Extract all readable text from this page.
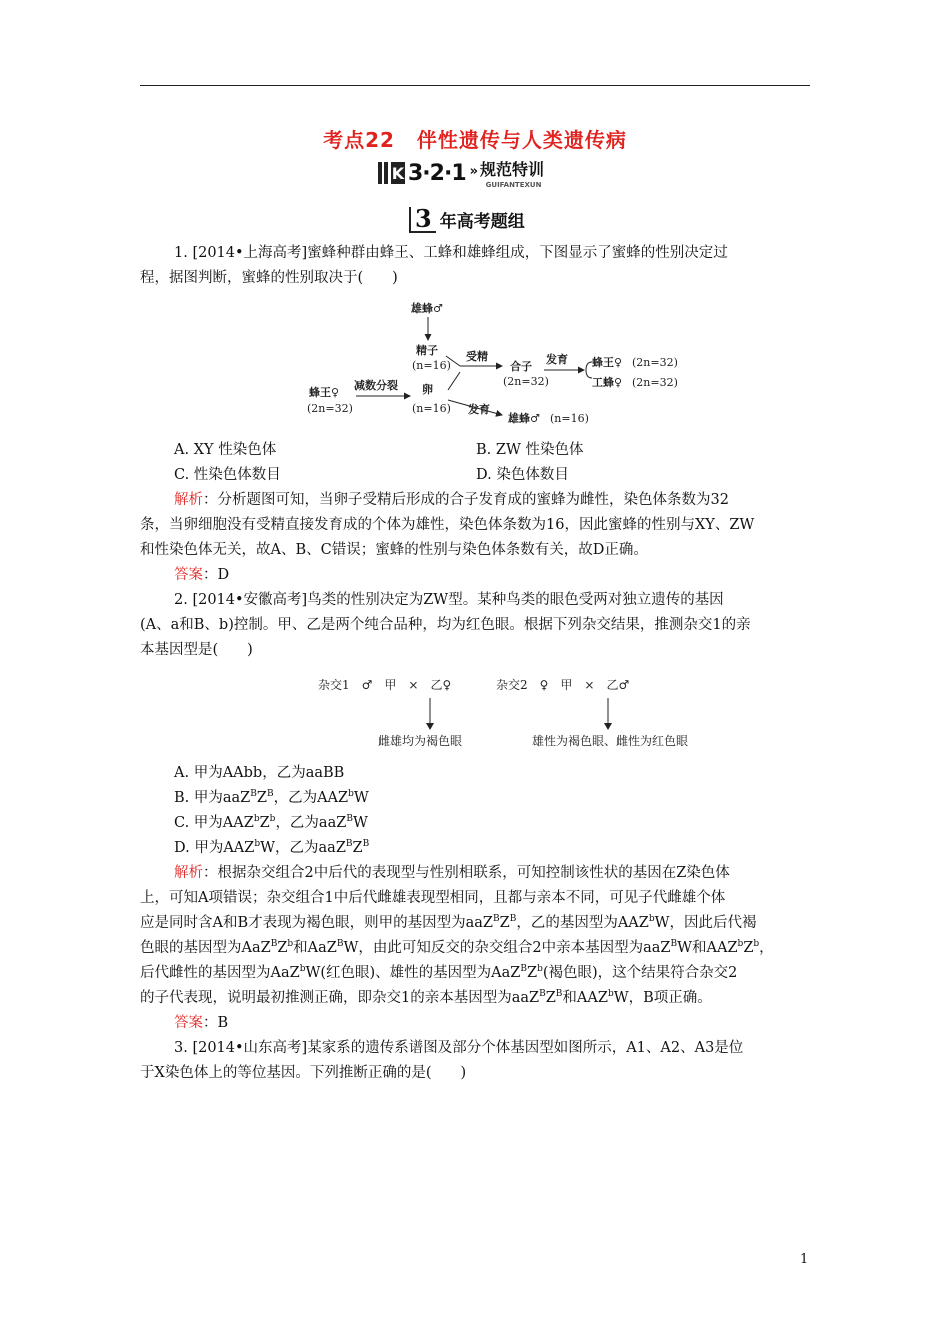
考点22 伴性遗传与人类遗传病
K 3·2·1 » 规范特训
GUIFANTEXUN
3 年高考题组

1. [2014•上海高考]蜜蜂种群由蜂王、工蜂和雄蜂组成，下图显示了蜜蜂的性别决定过

程，据图判断，蜜蜂的性别取决于(　　)

雄蜂♂
精子
(n=16)
蜂王♀
(2n=32)
减数分裂 卵
(n=16)
受精
合子
(2n=32)
发育 蜂王♀ (2n=32)
工蜂♀ (2n=32)
发育
雄蜂♂ (n=16)
A. XY 性染色体	B. ZW 性染色体
C. 性染色体数目	D. 染色体数目

解析：分析题图可知，当卵子受精后形成的合子发育成的蜜蜂为雌性，染色体条数为32

条，当卵细胞没有受精直接发育成的个体为雄性，染色体条数为16，因此蜜蜂的性别与XY、ZW

和性染色体无关，故A、B、C错误；蜜蜂的性别与染色体条数有关，故D正确。

答案：D

2. [2014•安徽高考]鸟类的性别决定为ZW型。某种鸟类的眼色受两对独立遗传的基因

(A、a和B、b)控制。甲、乙是两个纯合品种，均为红色眼。根据下列杂交结果，推测杂交1的亲

本基因型是(　　)

杂交1　♂　甲　×　乙♀	杂交2　♀　甲　×　乙♂
雌雄均为褐色眼	雄性为褐色眼、雌性为红色眼
A. 甲为AAbb，乙为aaBB
B. 甲为$aaZ^BZ^B$，乙为AAZ$^b$W
C. 甲为$AAZ^bZ^b$，乙为aaZ$^B$W
D. 甲为AAZ$^b$W，乙为$aaZ^BZ^B$

解析：根据杂交组合2中后代的表现型与性别相联系，可知控制该性状的基因在Z染色体

上，可知A项错误；杂交组合1中后代雌雄表现型相同，且都与亲本不同，可见子代雌雄个体

应是同时含A和B才表现为褐色眼，则甲的基因型为$aaZ^BZ^B$，乙的基因型为AAZ$^b$W，因此后代褐

色眼的基因型为$AaZ^BZ^b$和AaZ$^B$W，由此可知反交的杂交组合2中亲本基因型为aaZ$^B$W和$AAZ^bZ^b$，

后代雌性的基因型为AaZ$^b$W(红色眼)、雄性的基因型为$AaZ^BZ^b$(褐色眼)，这个结果符合杂交2

的子代表现，说明最初推测正确，即杂交1的亲本基因型为$aaZ^BZ^B$和AAZ$^b$W，B项正确。

答案：B

3. [2014•山东高考]某家系的遗传系谱图及部分个体基因型如图所示，A1、A2、A3是位

于X染色体上的等位基因。下列推断正确的是(　　)

1
